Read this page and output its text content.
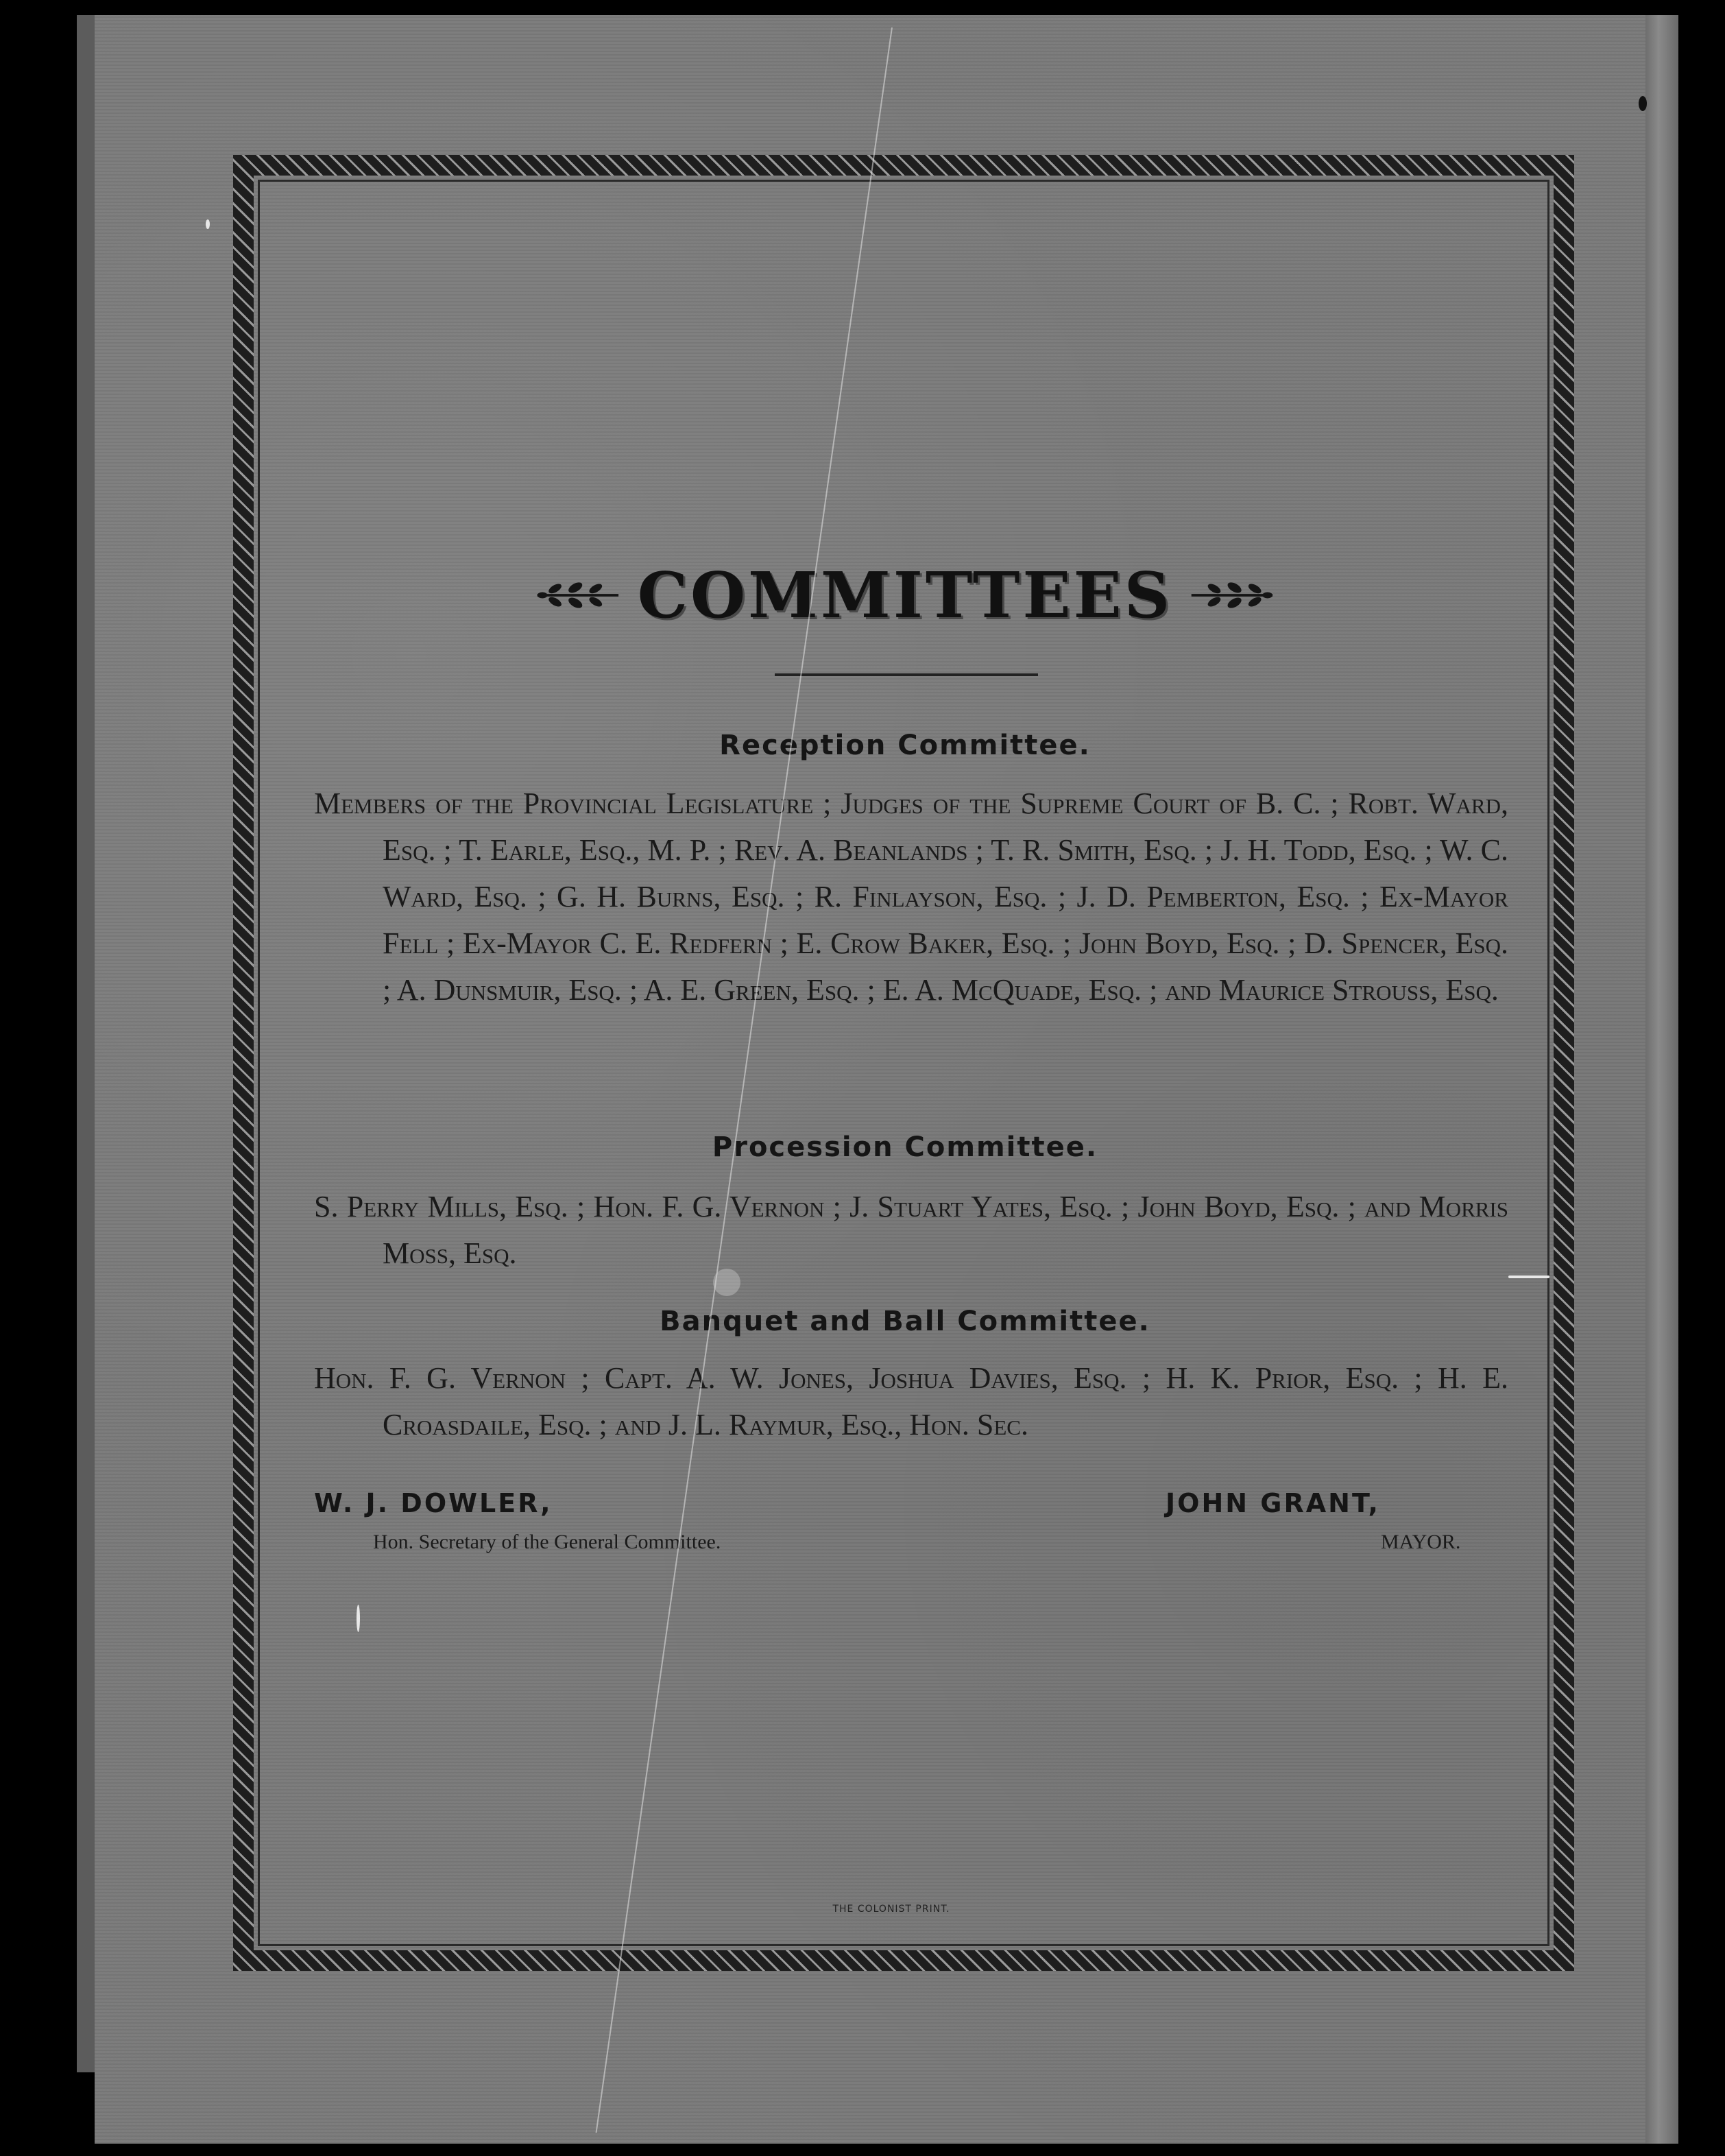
COMMITTEES
Reception Committee.
Members of the Provincial Legislature ; Judges of the Supreme Court of B. C. ; Robt. Ward, Esq. ; T. Earle, Esq., M. P. ; Rev. A. Beanlands ; T. R. Smith, Esq. ; J. H. Todd, Esq. ; W. C. Ward, Esq. ; G. H. Burns, Esq. ; R. Finlayson, Esq. ; J. D. Pemberton, Esq. ; Ex-Mayor Fell ; Ex-Mayor C. E. Redfern ; E. Crow Baker, Esq. ; John Boyd, Esq. ; D. Spencer, Esq. ; A. Dunsmuir, Esq. ; A. E. Green, Esq. ; E. A. McQuade, Esq. ; and Maurice Strouss, Esq.
Procession Committee.
S. Perry Mills, Esq. ; Hon. F. G. Vernon ; J. Stuart Yates, Esq. ; John Boyd, Esq. ; and Morris Moss, Esq.
Banquet and Ball Committee.
Hon. F. G. Vernon ; Capt. A. W. Jones, Joshua Davies, Esq. ; H. K. Prior, Esq. ; H. E. Croasdaile, Esq. ; and J. L. Raymur, Esq., Hon. Sec.
W. J. DOWLER,
Hon. Secretary of the General Committee.
JOHN GRANT,
MAYOR.
THE COLONIST PRINT.
